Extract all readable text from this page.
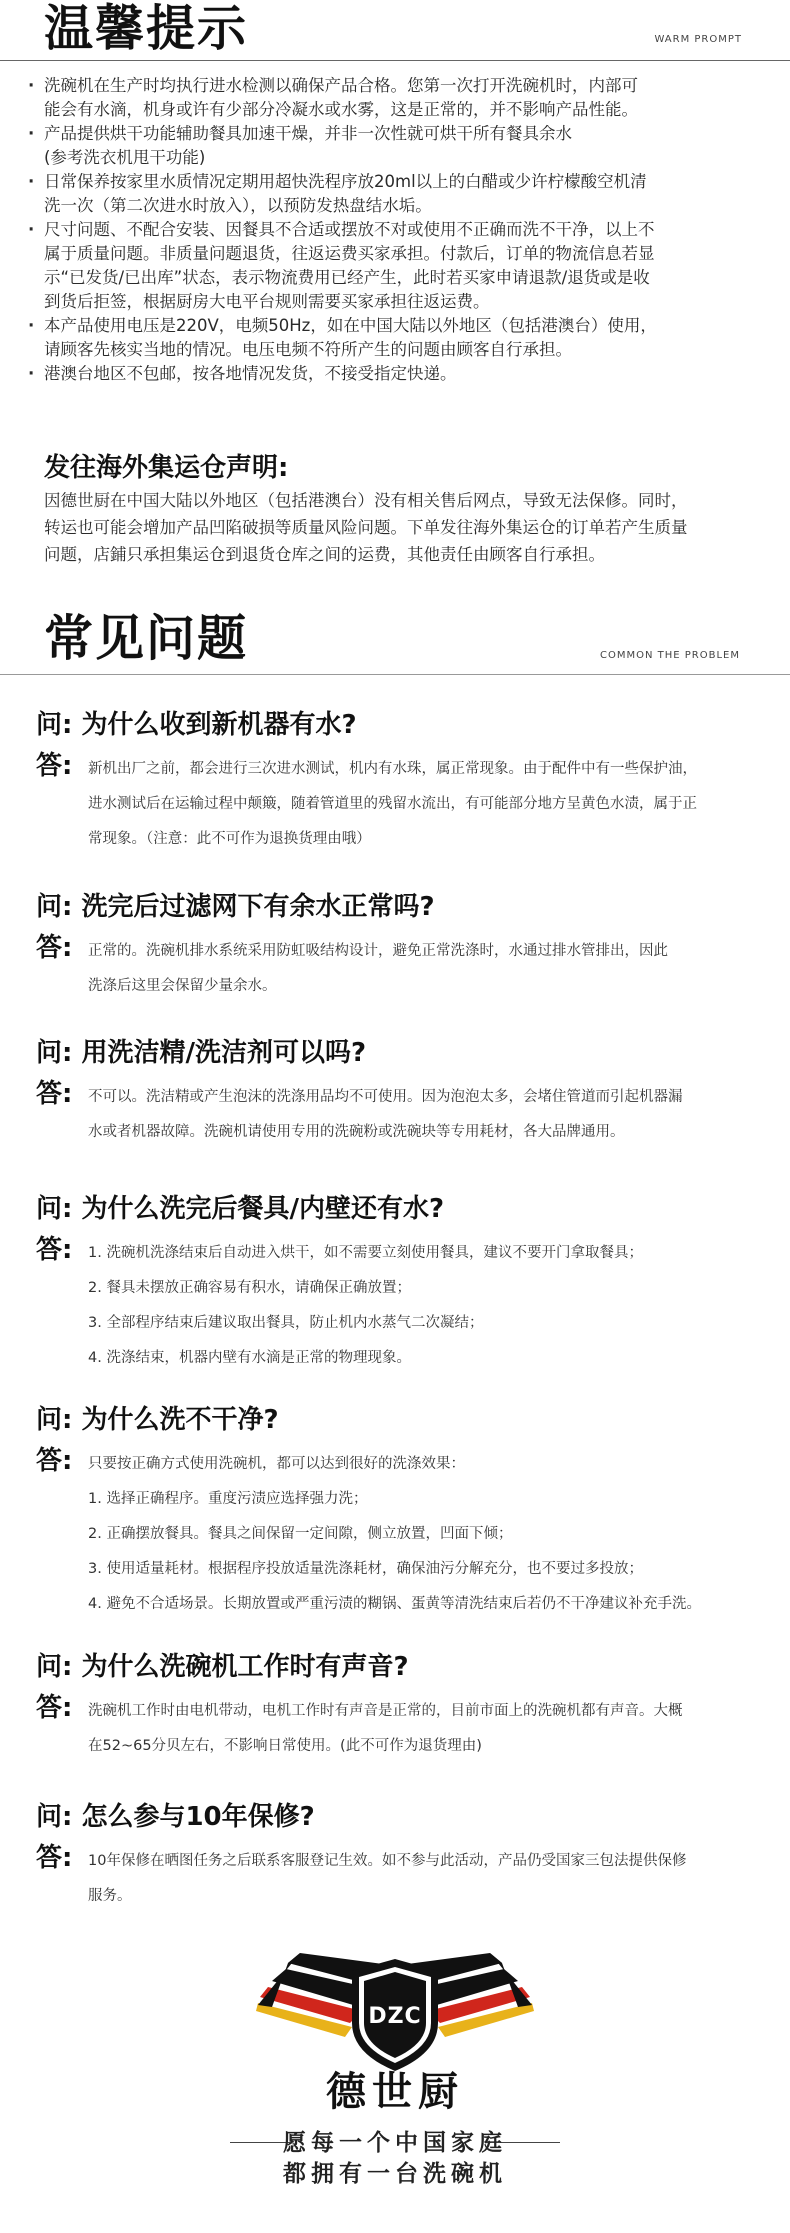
温馨提示	WARM PROMPT
· 洗碗机在生产时均执行进水检测以确保产品合格。您第一次打开洗碗机时，内部可
能会有水滴，机身或许有少部分冷凝水或水雾，这是正常的，并不影响产品性能。
· 产品提供烘干功能辅助餐具加速干燥，并非一次性就可烘干所有餐具余水
(参考洗衣机甩干功能)
· 日常保养按家里水质情况定期用超快洗程序放20ml以上的白醋或少许柠檬酸空机清
洗一次（第二次进水时放入），以预防发热盘结水垢。
· 尺寸问题、不配合安装、因餐具不合适或摆放不对或使用不正确而洗不干净，以上不
属于质量问题。非质量问题退货，往返运费买家承担。付款后，订单的物流信息若显
示“已发货/已出库”状态，表示物流费用已经产生，此时若买家申请退款/退货或是收
到货后拒签，根据厨房大电平台规则需要买家承担往返运费。
· 本产品使用电压是220V，电频50Hz，如在中国大陆以外地区（包括港澳台）使用，
请顾客先核实当地的情况。电压电频不符所产生的问题由顾客自行承担。
· 港澳台地区不包邮，按各地情况发货，不接受指定快递。
发往海外集运仓声明:
因德世厨在中国大陆以外地区（包括港澳台）没有相关售后网点，导致无法保修。同时，
转运也可能会增加产品凹陷破损等质量风险问题。下单发往海外集运仓的订单若产生质量
问题，店鋪只承担集运仓到退货仓库之间的运费，其他责任由顾客自行承担。
常见问题	COMMON THE PROBLEM
问: 为什么收到新机器有水?
答: 新机出厂之前，都会进行三次进水测试，机内有水珠，属正常现象。由于配件中有一些保护油，
进水测试后在运输过程中颠簸，随着管道里的残留水流出，有可能部分地方呈黄色水渍，属于正
常现象。（注意：此不可作为退换货理由哦）
问: 洗完后过滤网下有余水正常吗?
答: 正常的。洗碗机排水系统采用防虹吸结构设计，避免正常洗涤时，水通过排水管排出，因此
洗涤后这里会保留少量余水。
问: 用洗洁精/洗洁剂可以吗?
答: 不可以。洗洁精或产生泡沫的洗涤用品均不可使用。因为泡泡太多，会堵住管道而引起机器漏
水或者机器故障。洗碗机请使用专用的洗碗粉或洗碗块等专用耗材，各大品牌通用。
问: 为什么洗完后餐具/内壁还有水?
答: 1. 洗碗机洗涤结束后自动进入烘干，如不需要立刻使用餐具，建议不要开门拿取餐具；
2. 餐具未摆放正确容易有积水，请确保正确放置；
3. 全部程序结束后建议取出餐具，防止机内水蒸气二次凝结；
4. 洗涤结束，机器内壁有水滴是正常的物理现象。
问: 为什么洗不干净?
答: 只要按正确方式使用洗碗机，都可以达到很好的洗涤效果：
1. 选择正确程序。重度污渍应选择强力洗；
2. 正确摆放餐具。餐具之间保留一定间隙，侧立放置，凹面下倾；
3. 使用适量耗材。根据程序投放适量洗涤耗材，确保油污分解充分，也不要过多投放；
4. 避免不合适场景。长期放置或严重污渍的糊锅、蛋黄等清洗结束后若仍不干净建议补充手洗。
问: 为什么洗碗机工作时有声音?
答: 洗碗机工作时由电机带动，电机工作时有声音是正常的，目前市面上的洗碗机都有声音。大概
在52~65分贝左右，不影响日常使用。(此不可作为退货理由)
问: 怎么参与10年保修?
答: 10年保修在晒图任务之后联系客服登记生效。如不参与此活动，产品仍受国家三包法提供保修
服务。
DZC
德世厨
愿每一个中国家庭
都拥有一台洗碗机
